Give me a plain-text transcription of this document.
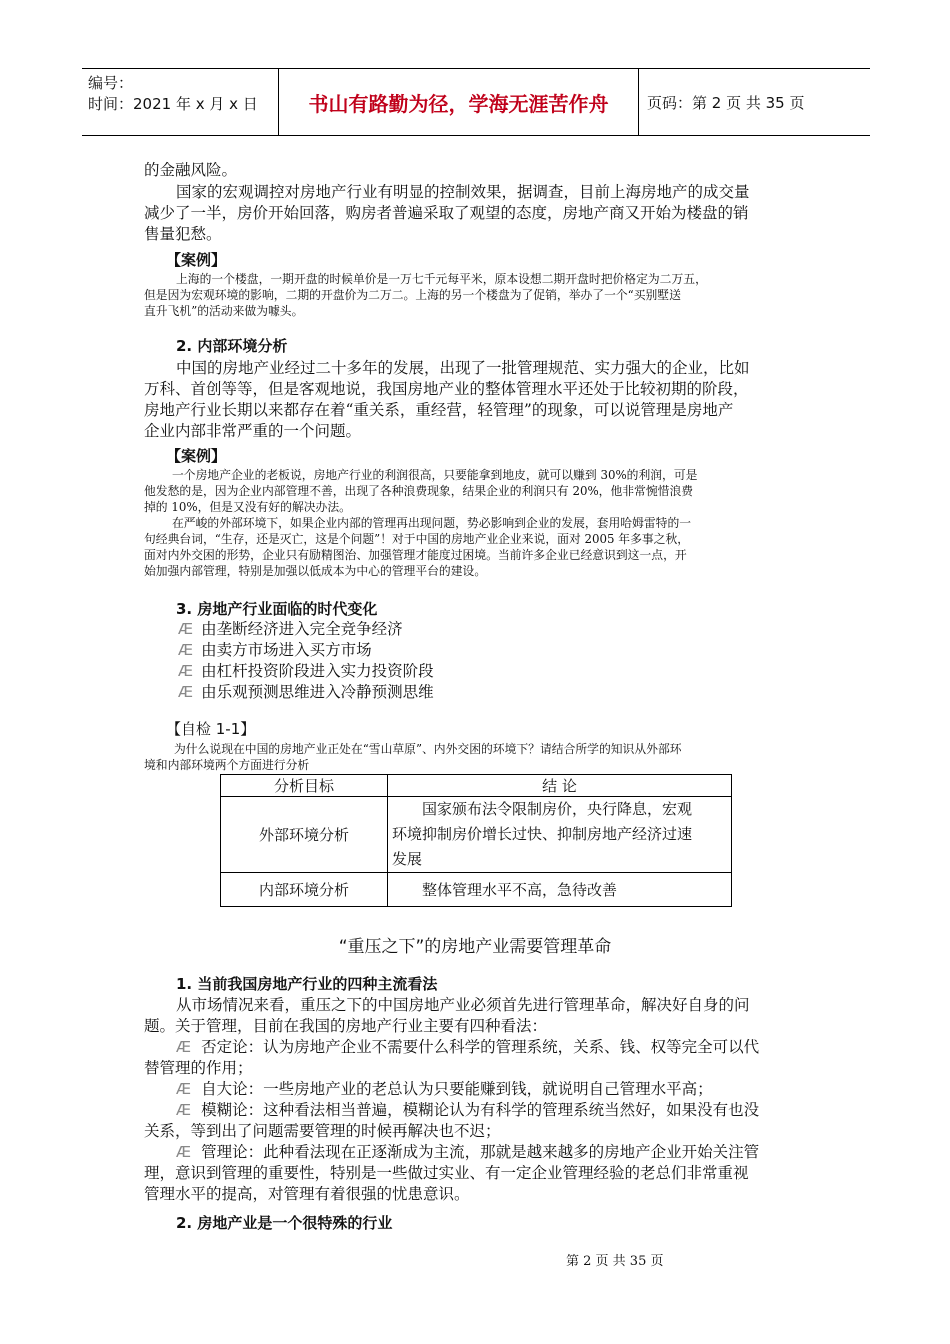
编号：
时间：2021 年 x 月 x 日	书山有路勤为径，学海无涯苦作舟	页码：第 2 页 共 35 页
的金融风险。
国家的宏观调控对房地产行业有明显的控制效果，据调查，目前上海房地产的成交量
减少了一半，房价开始回落，购房者普遍采取了观望的态度，房地产商又开始为楼盘的销
售量犯愁。
【案例】
上海的一个楼盘，一期开盘的时候单价是一万七千元每平米，原本设想二期开盘时把价格定为二万五，
但是因为宏观环境的影响，二期的开盘价为二万二。上海的另一个楼盘为了促销，举办了一个“买别墅送
直升飞机”的活动来做为噱头。
2. 内部环境分析
中国的房地产业经过二十多年的发展，出现了一批管理规范、实力强大的企业，比如
万科、首创等等，但是客观地说，我国房地产业的整体管理水平还处于比较初期的阶段，
房地产行业长期以来都存在着“重关系，重经营，轻管理”的现象，可以说管理是房地产
企业内部非常严重的一个问题。
【案例】
一个房地产企业的老板说，房地产行业的利润很高，只要能拿到地皮，就可以赚到 30%的利润，可是
他发愁的是，因为企业内部管理不善，出现了各种浪费现象，结果企业的利润只有 20%，他非常惋惜浪费
掉的 10%，但是又没有好的解决办法。
在严峻的外部环境下，如果企业内部的管理再出现问题，势必影响到企业的发展，套用哈姆雷特的一
句经典台词，“生存，还是灭亡，这是个问题”！对于中国的房地产业企业来说，面对 2005 年多事之秋，
面对内外交困的形势，企业只有励精图治、加强管理才能度过困境。当前许多企业已经意识到这一点，开
始加强内部管理，特别是加强以低成本为中心的管理平台的建设。
3. 房地产行业面临的时代变化
Æ 由垄断经济进入完全竞争经济
Æ 由卖方市场进入买方市场
Æ 由杠杆投资阶段进入实力投资阶段
Æ 由乐观预测思维进入冷静预测思维
【自检 1-1】
为什么说现在中国的房地产业正处在“雪山草原”、内外交困的环境下？请结合所学的知识从外部环
境和内部环境两个方面进行分析
分析目标	结 论
外部环境分析	国家颁布法令限制房价，央行降息，宏观
环境抑制房价增长过快、抑制房地产经济过速
发展

内部环境分析	整体管理水平不高，急待改善
“重压之下”的房地产业需要管理革命
1. 当前我国房地产行业的四种主流看法
从市场情况来看，重压之下的中国房地产业必须首先进行管理革命，解决好自身的问
题。关于管理，目前在我国的房地产行业主要有四种看法：
Æ 否定论：认为房地产企业不需要什么科学的管理系统，关系、钱、权等完全可以代
替管理的作用；
Æ 自大论：一些房地产业的老总认为只要能赚到钱，就说明自己管理水平高；
Æ 模糊论：这种看法相当普遍，模糊论认为有科学的管理系统当然好，如果没有也没
关系，等到出了问题需要管理的时候再解决也不迟；
Æ 管理论：此种看法现在正逐渐成为主流，那就是越来越多的房地产企业开始关注管
理，意识到管理的重要性，特别是一些做过实业、有一定企业管理经验的老总们非常重视
管理水平的提高，对管理有着很强的忧患意识。
2. 房地产业是一个很特殊的行业
第 2 页 共 35 页
